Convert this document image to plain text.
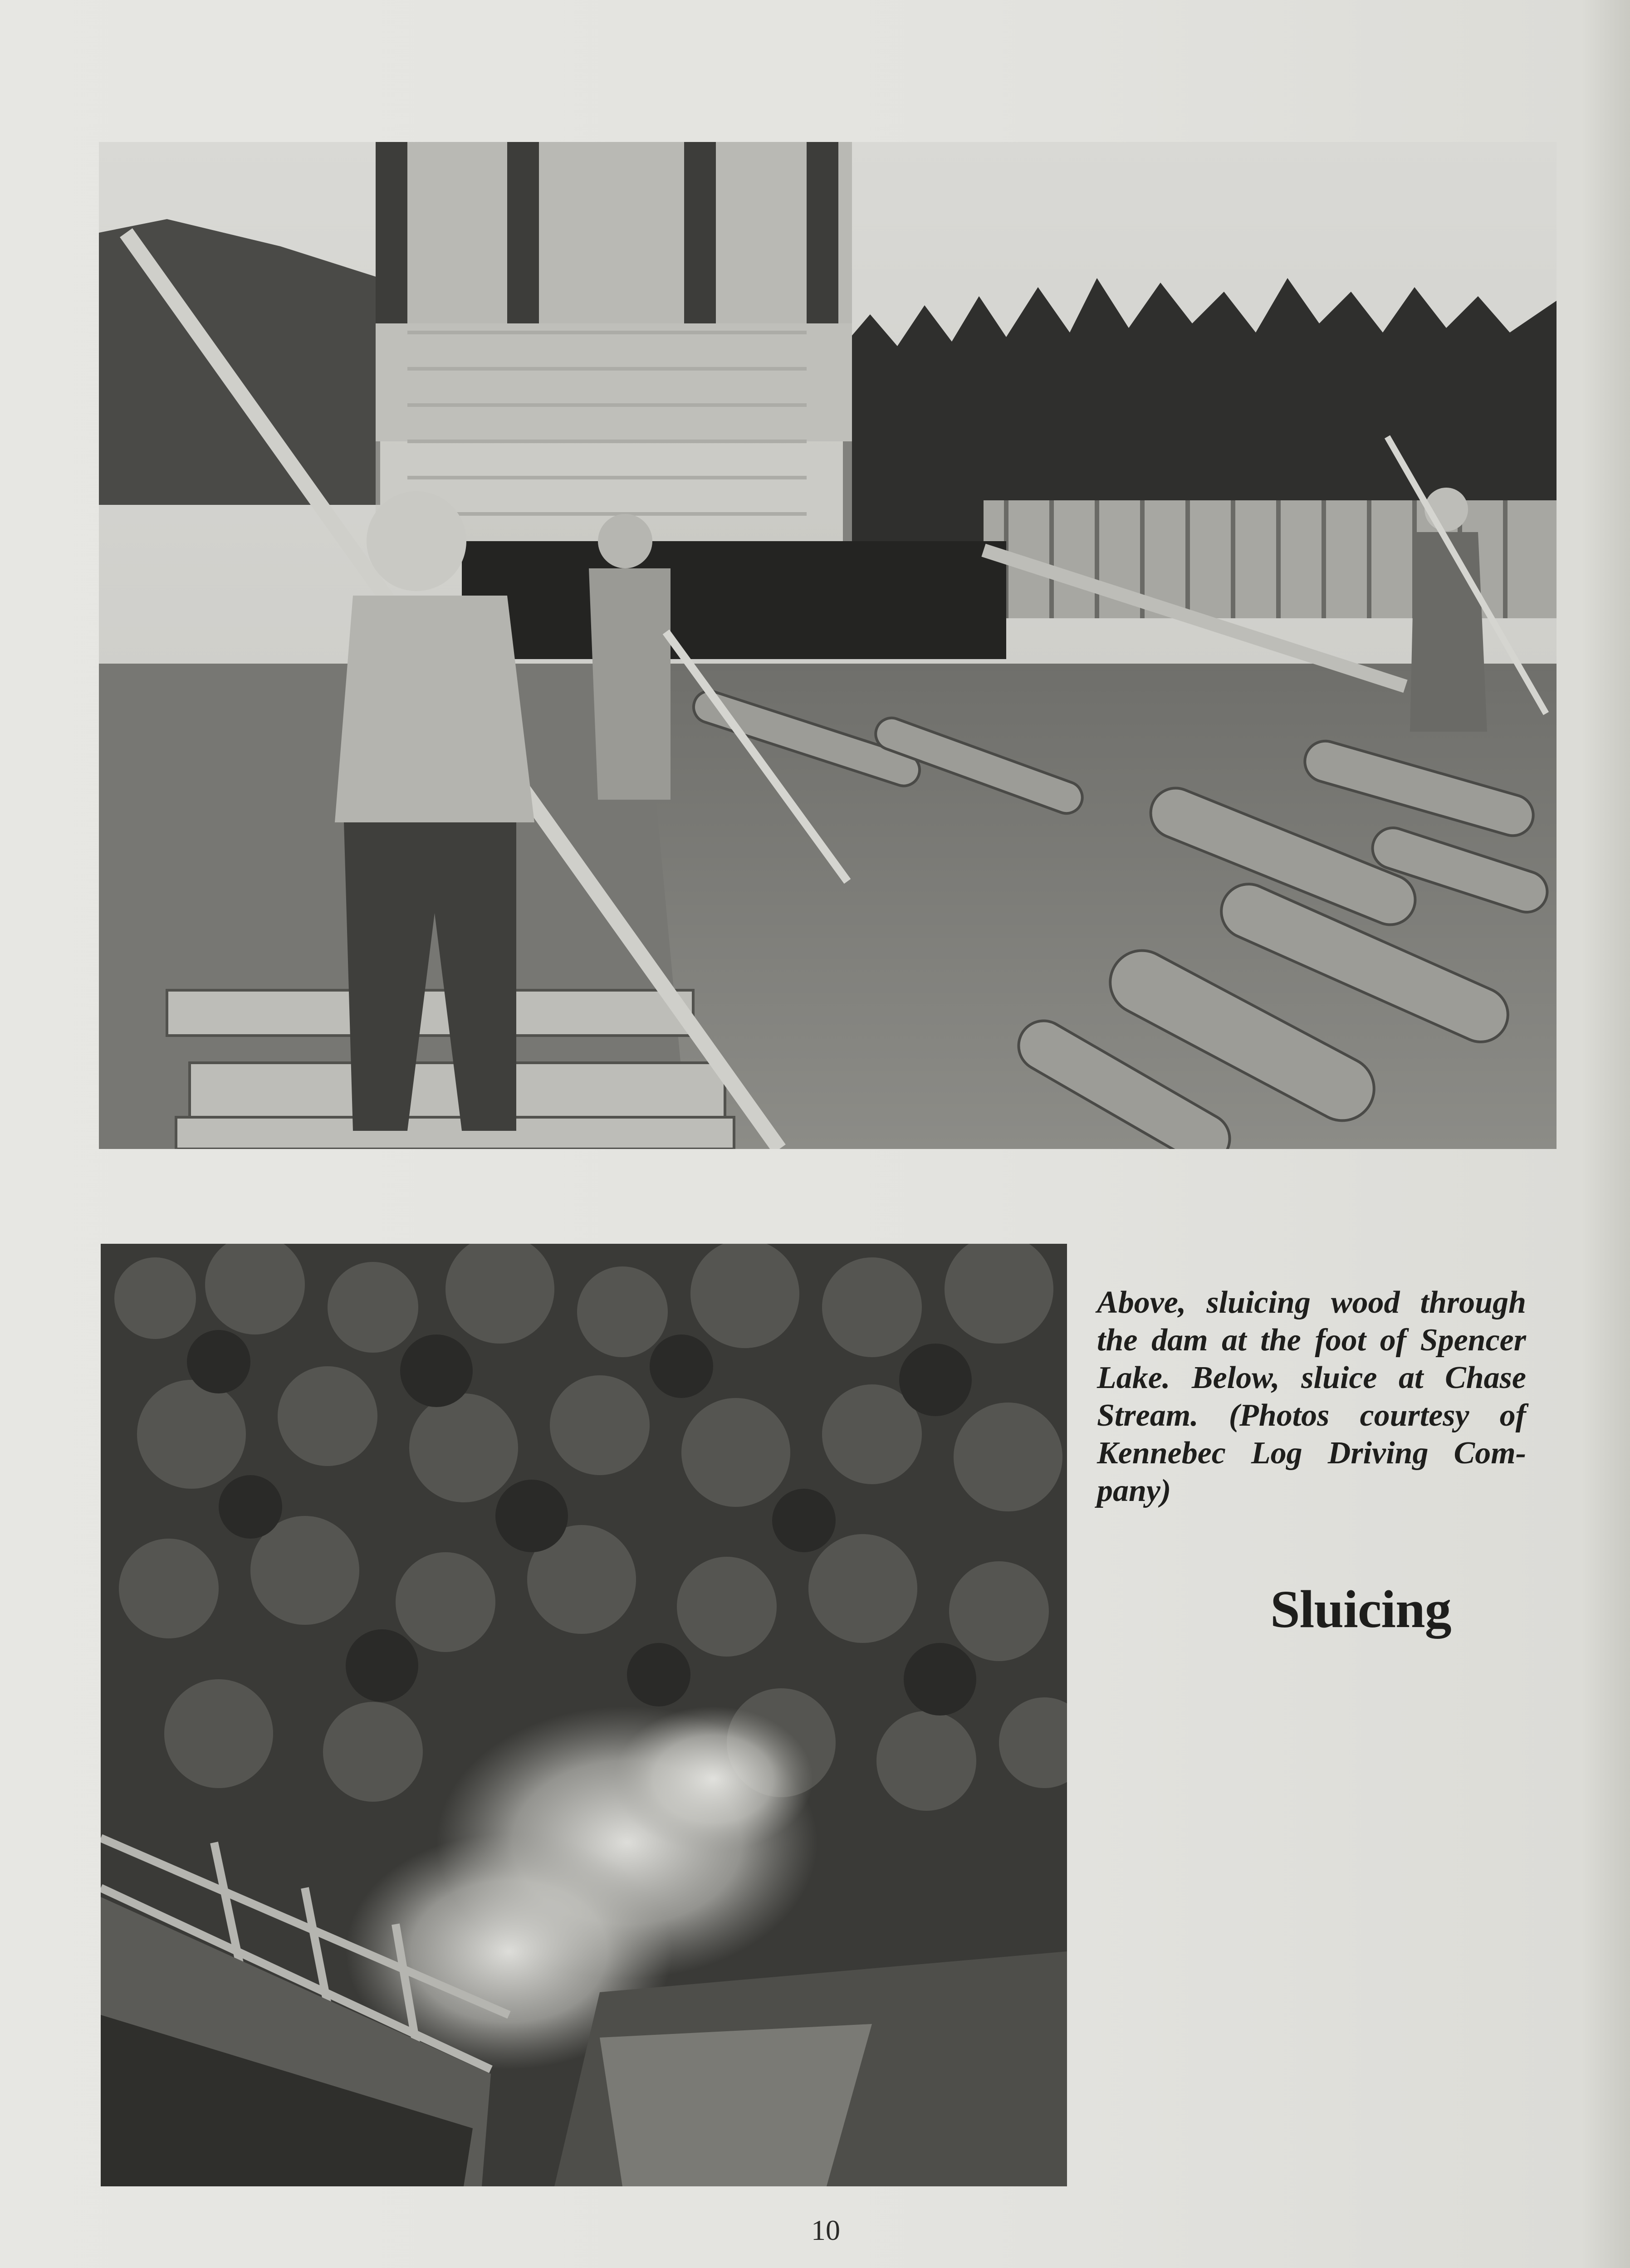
Above, sluicing wood through the dam at the foot of Spencer Lake. Below, sluice at Chase Stream. (Photos courtesy of Kennebec Log Driving Company)

Sluicing
10
